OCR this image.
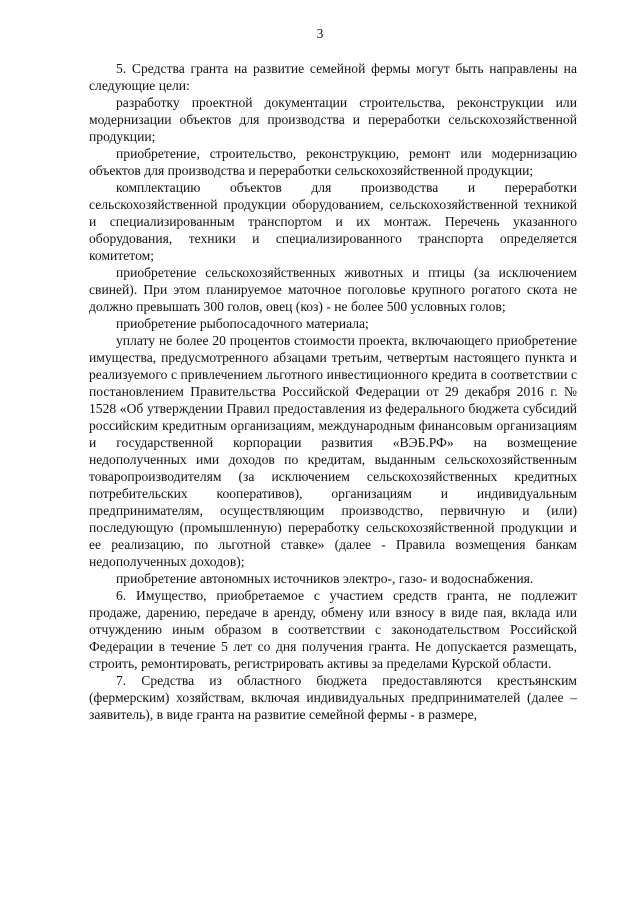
3

5. Средства гранта на развитие семейной фермы могут быть направлены на следующие цели:

разработку проектной документации строительства, реконструкции или модернизации объектов для производства и переработки сельскохозяйственной продукции;

приобретение, строительство, реконструкцию, ремонт или модернизацию объектов для производства и переработки сельскохозяйственной продукции;

комплектацию объектов для производства и переработки сельскохозяйственной продукции оборудованием, сельскохозяйственной техникой и специализированным транспортом и их монтаж. Перечень указанного оборудования, техники и специализированного транспорта определяется комитетом;

приобретение сельскохозяйственных животных и птицы (за исключением свиней). При этом планируемое маточное поголовье крупного рогатого скота не должно превышать 300 голов, овец (коз) - не более 500 условных голов;

приобретение рыбопосадочного материала;

уплату не более 20 процентов стоимости проекта, включающего приобретение имущества, предусмотренного абзацами третьим, четвертым настоящего пункта и реализуемого с привлечением льготного инвестиционного кредита в соответствии с постановлением Правительства Российской Федерации от 29 декабря 2016 г. № 1528 «Об утверждении Правил предоставления из федерального бюджета субсидий российским кредитным организациям, международным финансовым организациям и государственной корпорации развития «ВЭБ.РФ» на возмещение недополученных ими доходов по кредитам, выданным сельскохозяйственным товаропроизводителям (за исключением сельскохозяйственных кредитных потребительских кооперативов), организациям и индивидуальным предпринимателям, осуществляющим производство, первичную и (или) последующую (промышленную) переработку сельскохозяйственной продукции и ее реализацию, по льготной ставке» (далее - Правила возмещения банкам недополученных доходов);

приобретение автономных источников электро-, газо- и водоснабжения.

6. Имущество, приобретаемое с участием средств гранта, не подлежит продаже, дарению, передаче в аренду, обмену или взносу в виде пая, вклада или отчуждению иным образом в соответствии с законодательством Российской Федерации в течение 5 лет со дня получения гранта. Не допускается размещать, строить, ремонтировать, регистрировать активы за пределами Курской области.

7. Средства из областного бюджета предоставляются крестьянским (фермерским) хозяйствам, включая индивидуальных предпринимателей (далее – заявитель), в виде гранта на развитие семейной фермы - в размере,
